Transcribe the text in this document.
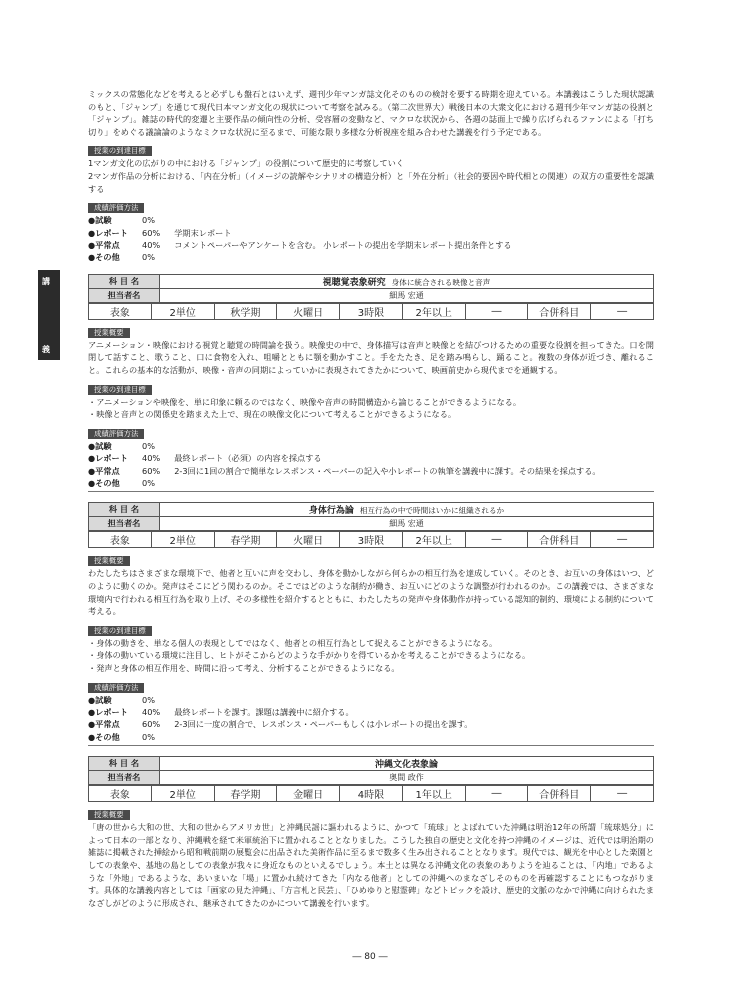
講
義

ミックスの常態化などを考えると必ずしも盤石とはいえず、週刊少年マンガ誌文化そのものの検討を要する時期を迎えている。本講義はこうした現状認識のもと、「ジャンプ」を通じて現代日本マンガ文化の現状について考察を試みる。（第二次世界大）戦後日本の大衆文化における週刊少年マンガ誌の役割と「ジャンプ」。雑誌の時代的変遷と主要作品の傾向性の分析、受容層の変動など、マクロな状況から、各週の誌面上で繰り広げられるファンによる「打ち切り」をめぐる議論論のようなミクロな状況に至るまで、可能な限り多様な分析視座を組み合わせた講義を行う予定である。

授業の到達目標

1マンガ文化の広がりの中における「ジャンプ」の役割について歴史的に考察していく

2マンガ作品の分析における、「内在分析」（イメージの読解やシナリオの構造分析）と「外在分析」（社会的要因や時代相との関連）の双方の重要性を認識する

成績評価方法
●試験	0%
●レポート	60% 学期末レポート
●平常点	40% コメントペーパーやアンケートを含む。 小レポートの提出を学期末レポート提出条件とする
●その他	0%
科 目 名	視聴覚表象研究 身体に統合される映像と音声
担当者名	細馬 宏通
表象	2単位	秋学期	火曜日	3時限	2年以上	―	合併科目	―
授業概要

アニメーション・映像における視覚と聴覚の時間論を扱う。映像史の中で、身体描写は音声と映像とを結びつけるための重要な役割を担ってきた。口を開閉して話すこと、歌うこと、口に食物を入れ、咀嚼とともに顎を動かすこと。手をたたき、足を踏み鳴らし、踊ること。複数の身体が近づき、離れること。これらの基本的な活動が、映像・音声の同期によっていかに表現されてきたかについて、映画前史から現代までを通観する。

授業の到達目標

・アニメーションや映像を、単に印象に頼るのではなく、映像や音声の時間構造から論じることができるようになる。

・映像と音声との関係史を踏まえた上で、現在の映像文化について考えることができるようになる。

成績評価方法
●試験	0%
●レポート	40% 最終レポート（必須）の内容を採点する
●平常点	60% 2-3回に1回の割合で簡単なレスポンス・ペーパーの記入や小レポートの執筆を講義中に課す。その結果を採点する。
●その他	0%
科 目 名	身体行為論 相互行為の中で時間はいかに組織されるか
担当者名	細馬 宏通
表象	2単位	春学期	火曜日	3時限	2年以上	―	合併科目	―
授業概要

わたしたちはさまざまな環境下で、他者と互いに声を交わし、身体を動かしながら何らかの相互行為を達成していく。そのとき、お互いの身体はいつ、どのように動くのか。発声はそこにどう関わるのか。そこではどのような制約が働き、お互いにどのような調整が行われるのか。この講義では、さまざまな環境内で行われる相互行為を取り上げ、その多様性を紹介するとともに、わたしたちの発声や身体動作が持っている認知的制約、環境による制約について考える。

授業の到達目標

・身体の動きを、単なる個人の表現としてではなく、他者との相互行為として捉えることができるようになる。

・身体の動いている環境に注目し、ヒトがそこからどのような手がかりを得ているかを考えることができるようになる。

・発声と身体の相互作用を、時間に沿って考え、分析することができるようになる。

成績評価方法
●試験	0%
●レポート	40% 最終レポートを課す。課題は講義中に紹介する。
●平常点	60% 2-3回に一度の割合で、レスポンス・ペーパーもしくは小レポートの提出を課す。
●その他	0%
科 目 名	沖縄文化表象論
担当者名	奥間 政作
表象	2単位	春学期	金曜日	4時限	1年以上	―	合併科目	―
授業概要

「唐の世から大和の世、大和の世からアメリカ世」と沖縄民謡に謳われるように、かつて「琉球」とよばれていた沖縄は明治12年の所謂「琉球処分」によって日本の一部となり、沖縄戦を経て米軍統治下に置かれることとなりました。こうした独自の歴史と文化を持つ沖縄のイメージは、近代では明治期の雑誌に掲載された挿絵から昭和戦前期の展覧会に出品された美術作品に至るまで数多く生み出されることとなります。現代では、観光を中心とした楽園としての表象や、基地の島としての表象が我々に身近なものといえるでしょう。本土とは異なる沖縄文化の表象のありようを辿ることは、「内地」であるような「外地」であるような、あいまいな「場」に置かれ続けてきた「内なる他者」としての沖縄へのまなざしそのものを再確認することにもつながります。具体的な講義内容としては「画家の見た沖縄」、「方言札と民芸」、「ひめゆりと慰霊碑」などトピックを設け、歴史的文脈のなかで沖縄に向けられたまなざしがどのように形成され、継承されてきたのかについて講義を行います。

― 80 ―
